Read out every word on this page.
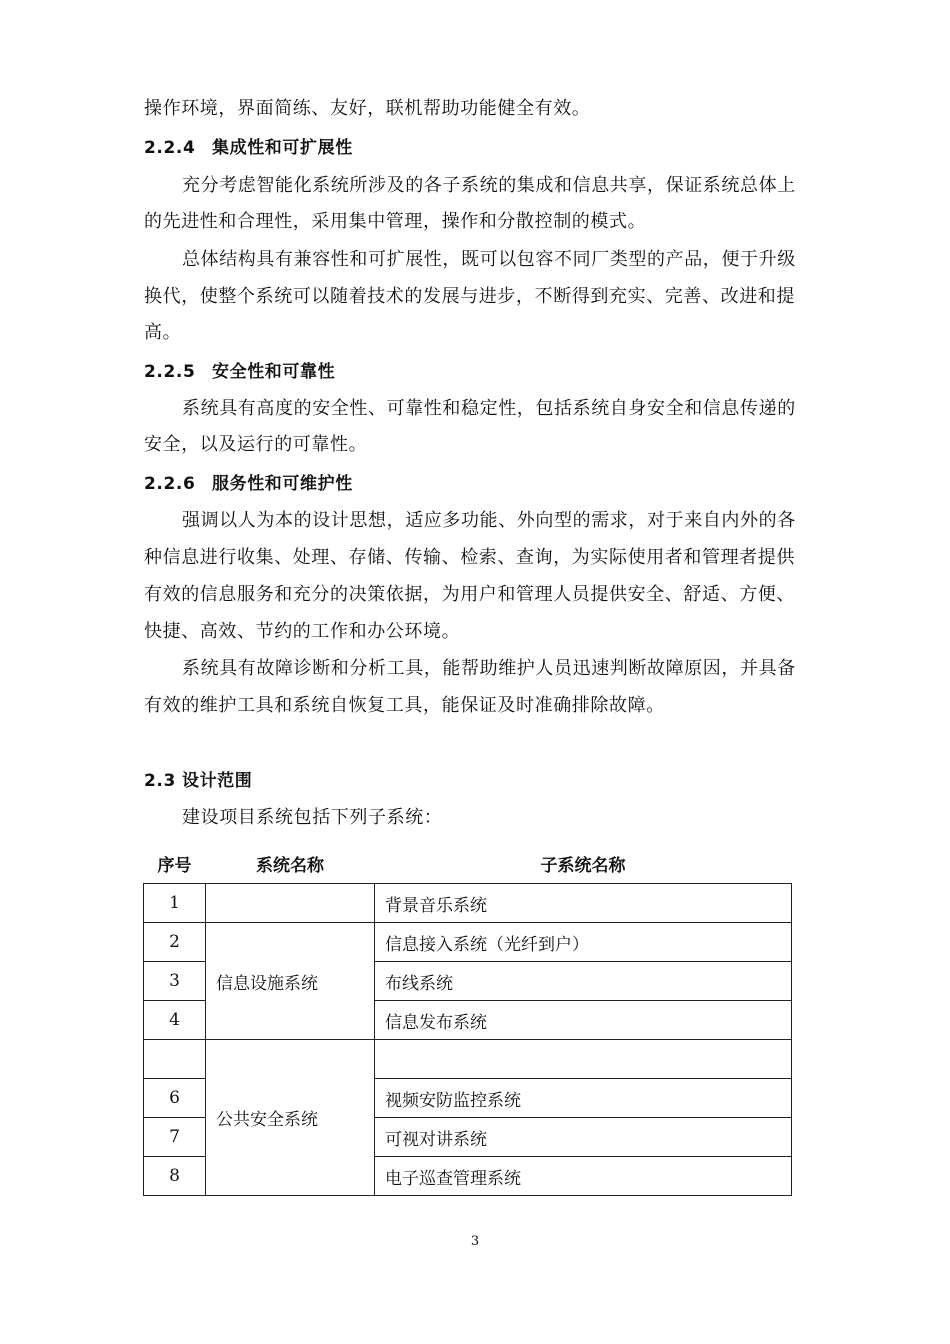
操作环境，界面简练、友好，联机帮助功能健全有效。
2.2.4 集成性和可扩展性
充分考虑智能化系统所涉及的各子系统的集成和信息共享，保证系统总体上
的先进性和合理性，采用集中管理，操作和分散控制的模式。
总体结构具有兼容性和可扩展性，既可以包容不同厂类型的产品，便于升级
换代，使整个系统可以随着技术的发展与进步，不断得到充实、完善、改进和提
高。
2.2.5 安全性和可靠性
系统具有高度的安全性、可靠性和稳定性，包括系统自身安全和信息传递的
安全，以及运行的可靠性。
2.2.6 服务性和可维护性
强调以人为本的设计思想，适应多功能、外向型的需求，对于来自内外的各
种信息进行收集、处理、存储、传输、检索、查询，为实际使用者和管理者提供
有效的信息服务和充分的决策依据，为用户和管理人员提供安全、舒适、方便、
快捷、高效、节约的工作和办公环境。
系统具有故障诊断和分析工具，能帮助维护人员迅速判断故障原因，并具备
有效的维护工具和系统自恢复工具，能保证及时准确排除故障。
2.3 设计范围
建设项目系统包括下列子系统：
序号	系统名称	子系统名称
1		背景音乐系统
2	信息设施系统	信息接入系统（光纤到户）
3		布线系统
4		信息发布系统
	公共安全系统	
6		视频安防监控系统
7		可视对讲系统
8		电子巡查管理系统
3
